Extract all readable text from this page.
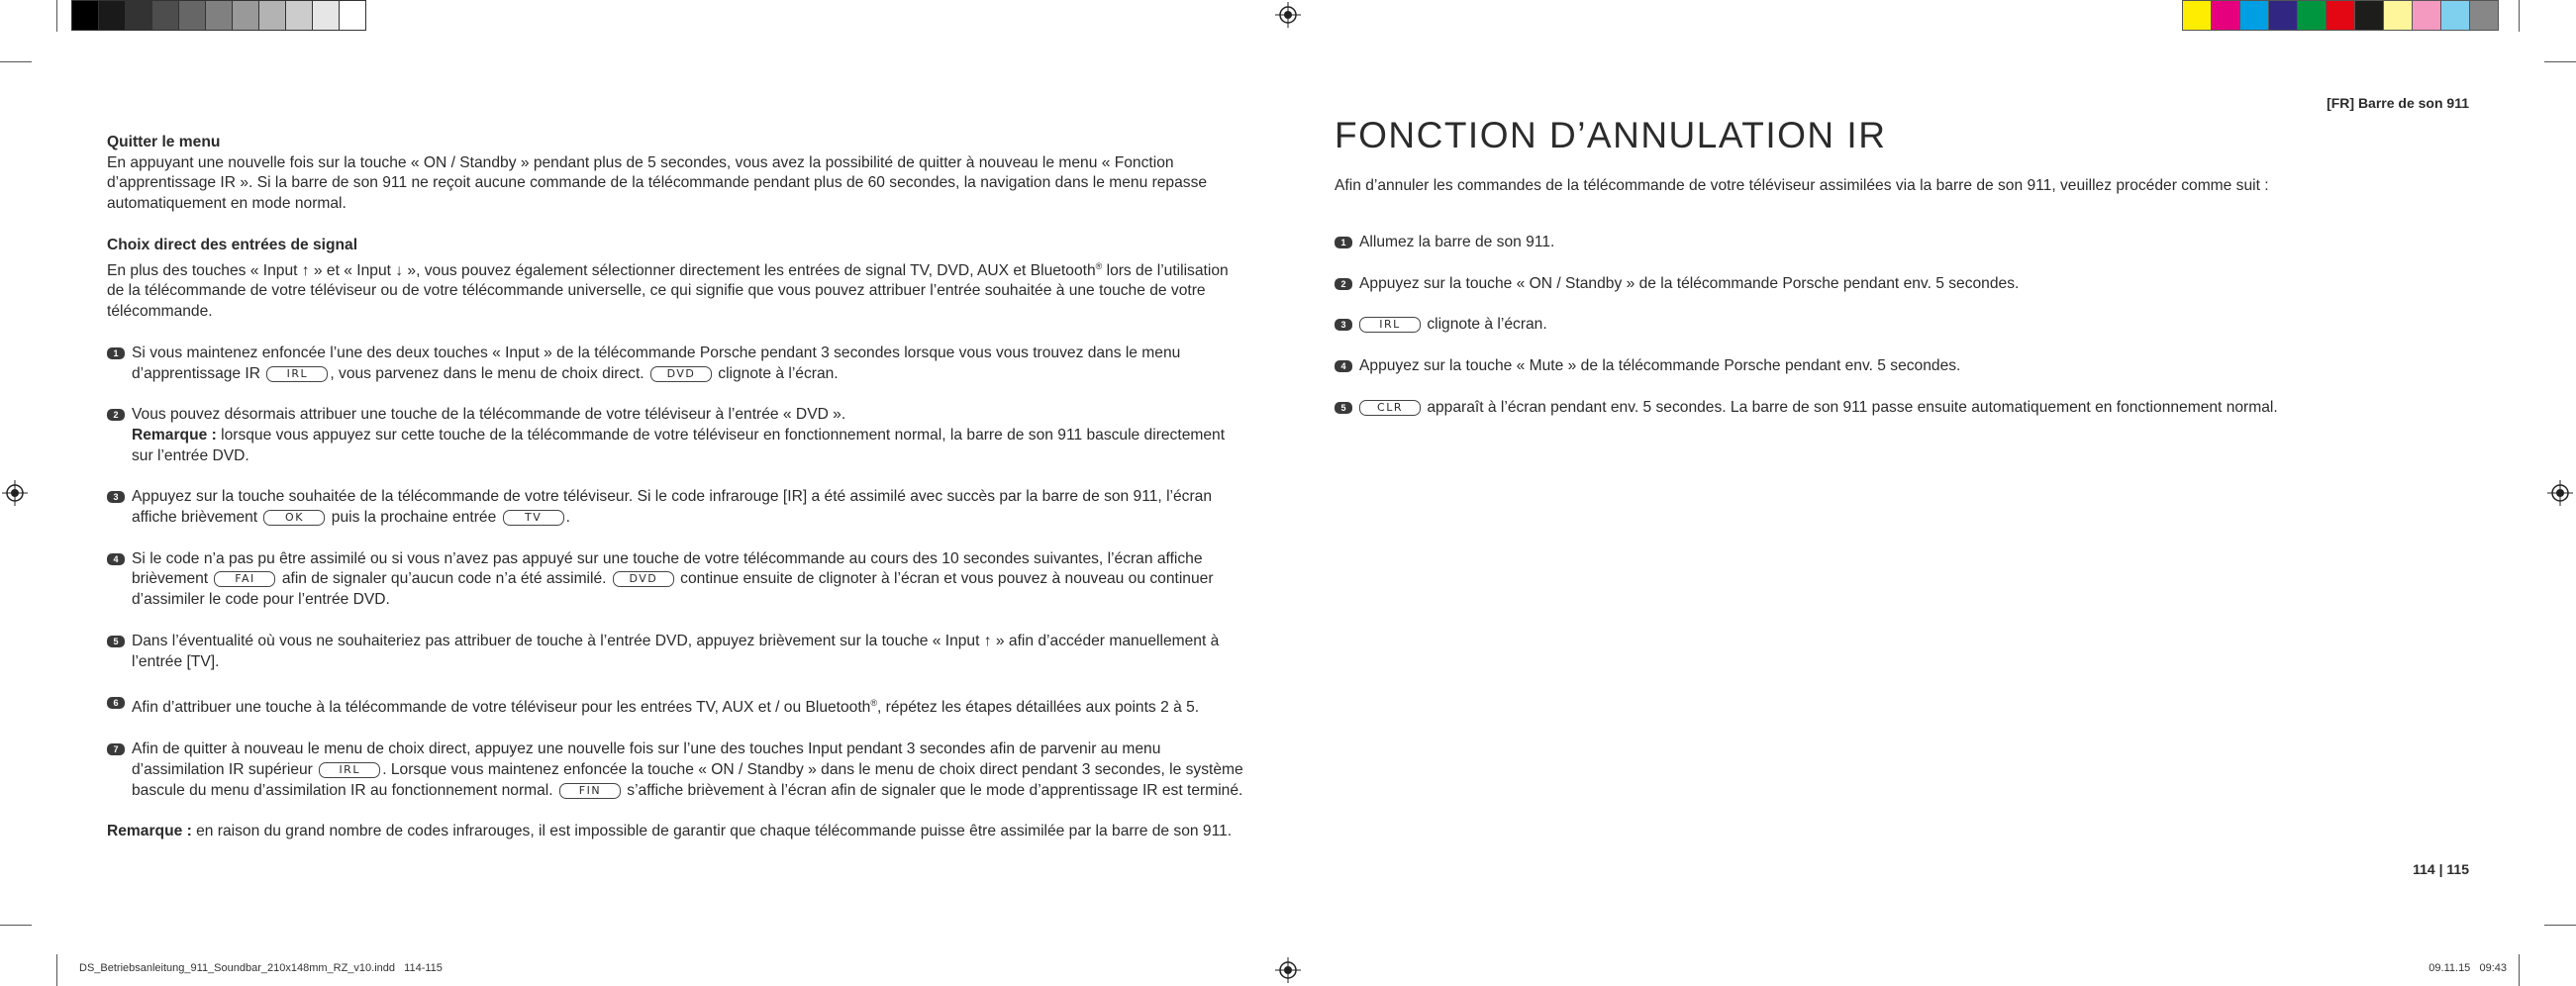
[FR] Barre de son 911
Quitter le menu
En appuyant une nouvelle fois sur la touche « ON / Standby » pendant plus de 5 secondes, vous avez la possibilité de quitter à nouveau le menu « Fonction d’apprentissage IR ». Si la barre de son 911 ne reçoit aucune commande de la télécommande pendant plus de 60 secondes, la navigation dans le menu repasse automatiquement en mode normal.
Choix direct des entrées de signal
En plus des touches « Input ↑ » et « Input ↓ », vous pouvez également sélectionner directement les entrées de signal TV, DVD, AUX et Bluetooth® lors de l’utilisation de la télécommande de votre téléviseur ou de votre télécommande universelle, ce qui signifie que vous pouvez attribuer l’entrée souhaitée à une touche de votre télécommande.
1 Si vous maintenez enfoncée l’une des deux touches « Input » de la télécommande Porsche pendant 3 secondes lorsque vous vous trouvez dans le menu d’apprentissage IR IRL , vous parvenez dans le menu de choix direct. DVD clignote à l’écran.
2 Vous pouvez désormais attribuer une touche de la télécommande de votre téléviseur à l’entrée « DVD ».
Remarque : lorsque vous appuyez sur cette touche de la télécommande de votre téléviseur en fonctionnement normal, la barre de son 911 bascule directement sur l’entrée DVD.
3 Appuyez sur la touche souhaitée de la télécommande de votre téléviseur. Si le code infrarouge [IR] a été assimilé avec succès par la barre de son 911, l’écran affiche brièvement OK puis la prochaine entrée TV .
4 Si le code n’a pas pu être assimilé ou si vous n’avez pas appuyé sur une touche de votre télécommande au cours des 10 secondes suivantes, l’écran affiche brièvement FAI afin de signaler qu’aucun code n’a été assimilé. DVD continue ensuite de clignoter à l’écran et vous pouvez à nouveau ou continuer d’assimiler le code pour l’entrée DVD.
5 Dans l’éventualité où vous ne souhaiteriez pas attribuer de touche à l’entrée DVD, appuyez brièvement sur la touche « Input ↑ » afin d’accéder manuellement à l’entrée [TV].
6 Afin d’attribuer une touche à la télécommande de votre téléviseur pour les entrées TV, AUX et / ou Bluetooth®, répétez les étapes détaillées aux points 2 à 5.
7 Afin de quitter à nouveau le menu de choix direct, appuyez une nouvelle fois sur l’une des touches Input pendant 3 secondes afin de parvenir au menu d’assimilation IR supérieur IRL . Lorsque vous maintenez enfoncée la touche « ON / Standby » dans le menu de choix direct pendant 3 secondes, le système bascule du menu d’assimilation IR au fonctionnement normal. FIN s’affiche brièvement à l’écran afin de signaler que le mode d’apprentissage IR est terminé.
Remarque : en raison du grand nombre de codes infrarouges, il est impossible de garantir que chaque télécommande puisse être assimilée par la barre de son 911.
FONCTION D’ANNULATION IR
Afin d’annuler les commandes de la télécommande de votre téléviseur assimilées via la barre de son 911, veuillez procéder comme suit :
1 Allumez la barre de son 911.
2 Appuyez sur la touche « ON / Standby » de la télécommande Porsche pendant env. 5 secondes.
3	IRL clignote à l’écran.
4 Appuyez sur la touche « Mute » de la télécommande Porsche pendant env. 5 secondes.
5	CLR apparaît à l’écran pendant env. 5 secondes. La barre de son 911 passe ensuite automatiquement en fonctionnement normal.
114 | 115
DS_Betriebsanleitung_911_Soundbar_210x148mm_RZ_v10.indd   114-115	09.11.15   09:43
